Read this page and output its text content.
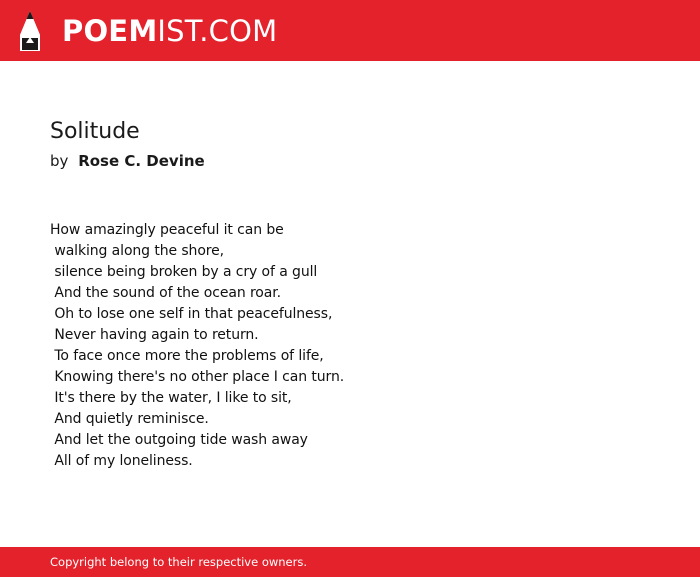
POEM IST.COM
Solitude
by Rose C. Devine
How amazingly peaceful it can be
walking along the shore,
silence being broken by a cry of a gull
And the sound of the ocean roar.
Oh to lose one self in that peacefulness,
Never having again to return.
To face once more the problems of life,
Knowing there's no other place I can turn.
It's there by the water, I like to sit,
And quietly reminisce.
And let the outgoing tide wash away
All of my loneliness.
Copyright belong to their respective owners.
